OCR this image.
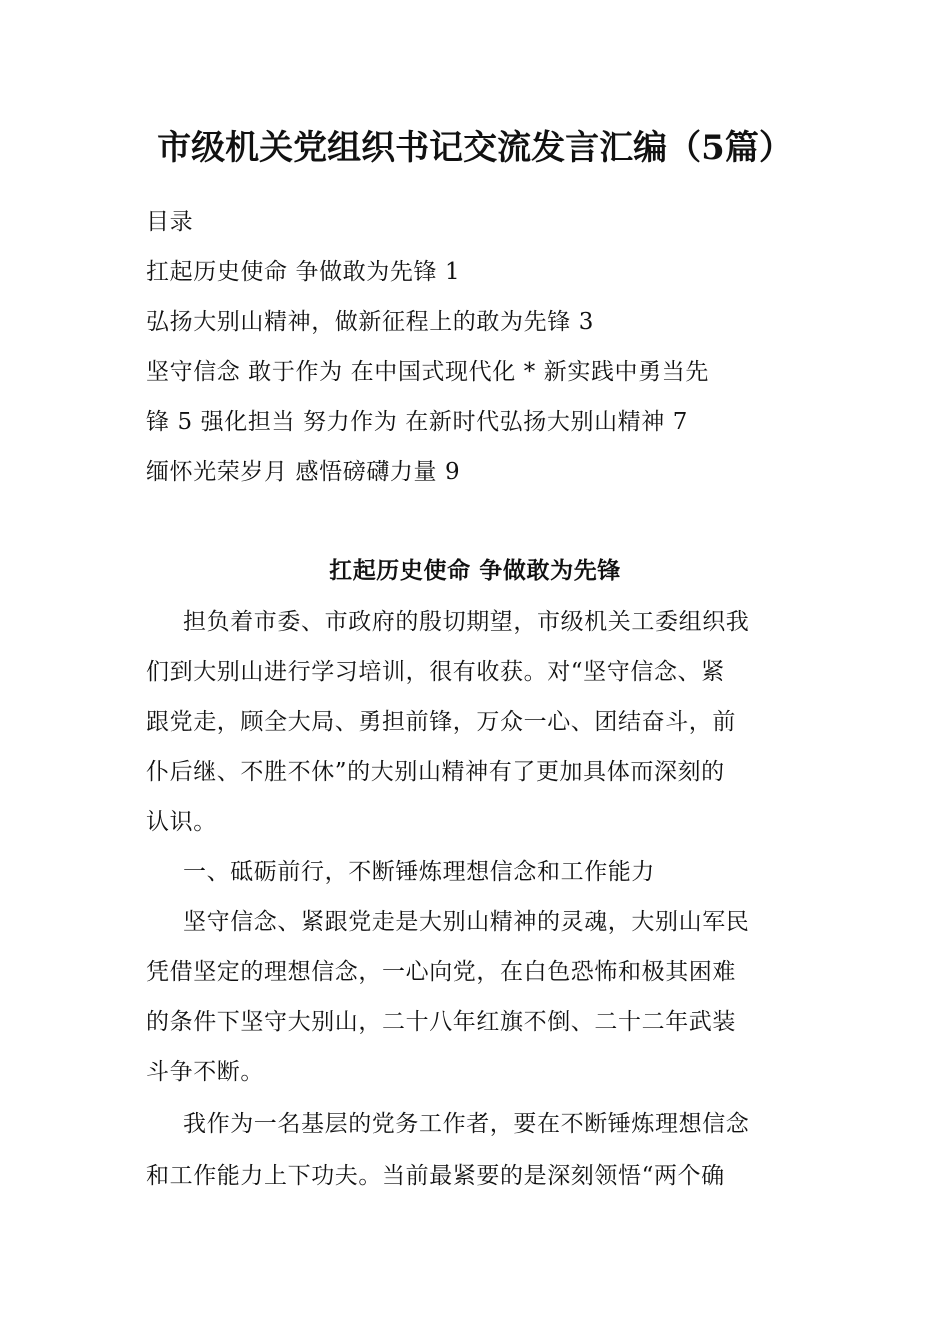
市级机关党组织书记交流发言汇编（5篇）
目录
扛起历史使命 争做敢为先锋 1
弘扬大别山精神，做新征程上的敢为先锋 3
坚守信念 敢于作为 在中国式现代化 * 新实践中勇当先
锋 5 强化担当 努力作为 在新时代弘扬大别山精神 7
缅怀光荣岁月 感悟磅礴力量 9
扛起历史使命 争做敢为先锋
担负着市委、市政府的殷切期望，市级机关工委组织我
们到大别山进行学习培训，很有收获。对“坚守信念、紧
跟党走，顾全大局、勇担前锋，万众一心、团结奋斗，前
仆后继、不胜不休”的大别山精神有了更加具体而深刻的
认识。
一、砥砺前行，不断锤炼理想信念和工作能力
坚守信念、紧跟党走是大别山精神的灵魂，大别山军民
凭借坚定的理想信念，一心向党，在白色恐怖和极其困难
的条件下坚守大别山，二十八年红旗不倒、二十二年武装
斗争不断。
我作为一名基层的党务工作者，要在不断锤炼理想信念
和工作能力上下功夫。当前最紧要的是深刻领悟“两个确
